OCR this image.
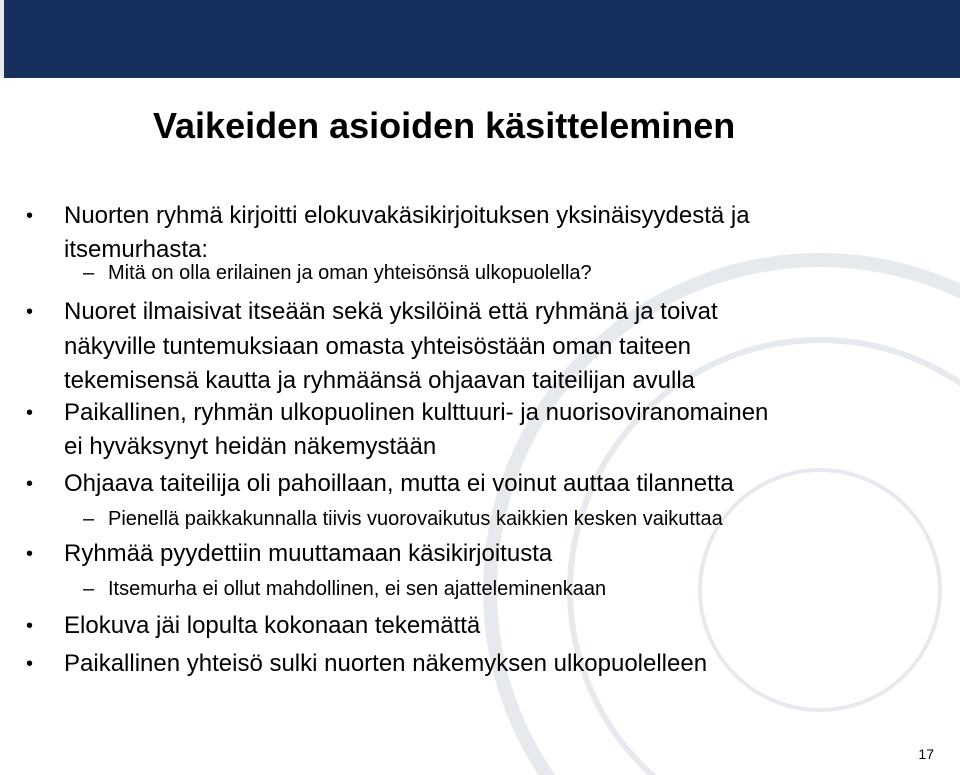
Vaikeiden asioiden käsitteleminen
•	Nuorten ryhmä kirjoitti elokuvakäsikirjoituksen yksinäisyydestä ja
itsemurhasta:
– Mitä on olla erilainen ja oman yhteisönsä ulkopuolella?
•	Nuoret ilmaisivat itseään sekä yksilöinä että ryhmänä ja toivat
näkyville tuntemuksiaan omasta yhteisöstään oman taiteen
tekemisensä kautta ja ryhmäänsä ohjaavan taiteilijan avulla
•	Paikallinen, ryhmän ulkopuolinen kulttuuri- ja nuorisoviranomainen
ei hyväksynyt heidän näkemystään
•	Ohjaava taiteilija oli pahoillaan, mutta ei voinut auttaa tilannetta
– Pienellä paikkakunnalla tiivis vuorovaikutus kaikkien kesken vaikuttaa
•	Ryhmää pyydettiin muuttamaan käsikirjoitusta
– Itsemurha ei ollut mahdollinen, ei sen ajatteleminenkaan
•	Elokuva jäi lopulta kokonaan tekemättä
•	Paikallinen yhteisö sulki nuorten näkemyksen ulkopuolelleen
17
